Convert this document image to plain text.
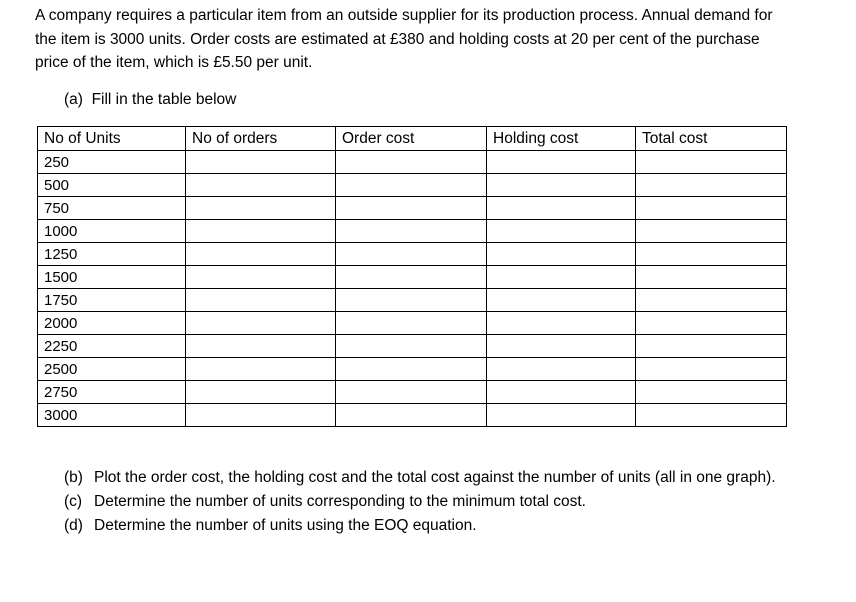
A company requires a particular item from an outside supplier for its production process. Annual demand for the item is 3000 units. Order costs are estimated at £380 and holding costs at 20 per cent of the purchase price of the item, which is £5.50 per unit.

(a) Fill in the table below

No of Units	No of orders	Order cost	Holding cost	Total cost
250				
500				
750				
1000				
1250				
1500				
1750				
2000				
2250				
2500				
2750				
3000				
(b) Plot the order cost, the holding cost and the total cost against the number of units (all in one graph).
(c) Determine the number of units corresponding to the minimum total cost.
(d) Determine the number of units using the EOQ equation.
